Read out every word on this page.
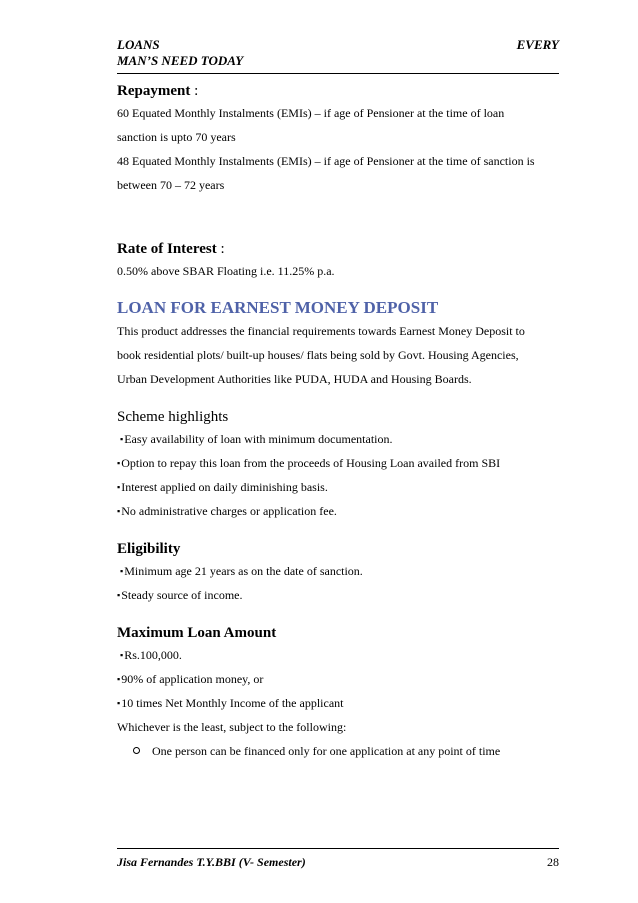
LOANS	EVERY
MAN’S NEED TODAY

Repayment :

60 Equated Monthly Instalments (EMIs) – if age of Pensioner at the time of loan

sanction is upto 70 years

48 Equated Monthly Instalments (EMIs) – if age of Pensioner at the time of sanction is

between 70 – 72 years

Rate of Interest :

0.50% above SBAR Floating i.e. 11.25% p.a.

LOAN FOR EARNEST MONEY DEPOSIT

This product addresses the financial requirements towards Earnest Money Deposit to

book residential plots/ built-up houses/ flats being sold by Govt. Housing Agencies,

Urban Development Authorities like PUDA, HUDA and Housing Boards.

Scheme highlights

▪Easy availability of loan with minimum documentation.

▪Option to repay this loan from the proceeds of Housing Loan availed from SBI

▪Interest applied on daily diminishing basis.

▪No administrative charges or application fee.

Eligibility

▪Minimum age 21 years as on the date of sanction.

▪Steady source of income.

Maximum Loan Amount

▪Rs.100,000.

▪90% of application money, or

▪10 times Net Monthly Income of the applicant

Whichever is the least, subject to the following:

One person can be financed only for one application at any point of time

Jisa Fernandes T.Y.BBI (V- Semester)	28
